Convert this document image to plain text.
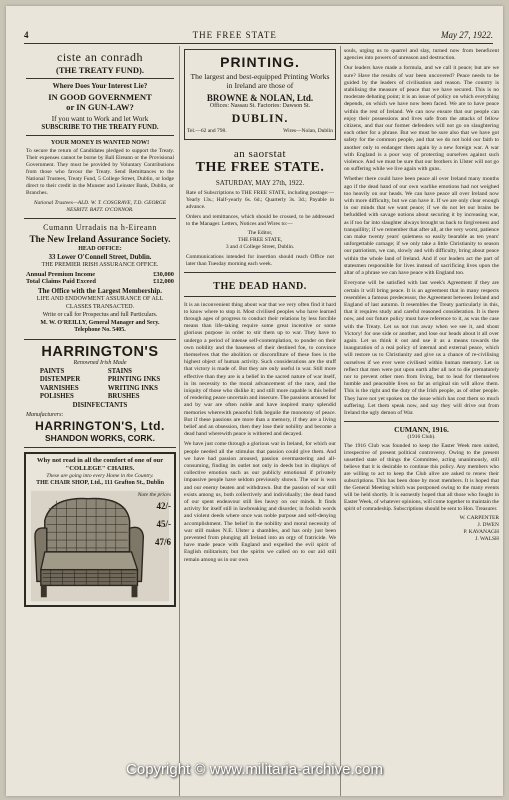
4	THE FREE STATE	May 27, 1922.
ciste an conradh
(THE TREATY FUND).
Where Does Your Interest Lie?
IN GOOD GOVERNMENT
or IN GUN-LAW?
If you want to Work and let Work
SUBSCRIBE TO THE TREATY FUND.
YOUR MONEY IS WANTED NOW!
To secure the return of Candidates pledged to support the Treaty. Their expenses cannot be borne by Ball Eireann or the Provisional Government. They must be provided by Voluntary Contributions from those who favour the Treaty. Send Remittances to the National Trustees, Treaty Fund, 5 College Street, Dublin, or lodge direct to their credit in the Munster and Leinster Bank, Dublin, or Branches.
National Trustees—ALD. W. T. COSGRAVE, T.D. GEORGE NESBITT. BATT. O'CONNOR.
Cumann Urradais na h-Eireann
The New Ireland Assurance Society.
HEAD OFFICE:
33 Lower O'Connell Street, Dublin.
THE PREMIER IRISH ASSURANCE OFFICE.
Annual Premium Income	£30,000
Total Claims Paid Exceed	£12,000
The Office with the Largest Membership.
LIFE AND ENDOWMENT ASSURANCE OF ALL CLASSES TRANSACTED.
Write or call for Prospectus and full Particulars.
M. W. O'REILLY, General Manager and Secy.
Telephone No. 5405.
HARRINGTON'S
Renowned Irish Made
PAINTS
DISTEMPER
VARNISHES
POLISHES
STAINS
PRINTING INKS
WRITING INKS
BRUSHES
DISINFECTANTS
Manufacturers:
HARRINGTON'S, Ltd.
SHANDON WORKS, CORK.
Why not read in all the comfort of one of our "COLLEGE" CHAIRS.
These are going into every Home in the Country.
THE CHAIR SHOP, Ltd., 111 Grafton St., Dublin
Note the prices
42/-
45/-
47/6
PRINTING.
The largest and best-equipped Printing Works in Ireland are those of
BROWNE & NOLAN, Ltd.
Offices: Nassau St. Factories: Dawson St.
DUBLIN.
Tel.—62 and 798.	Wires—Nolan, Dublin
an saorstat
THE FREE STATE.
SATURDAY, MAY 27th, 1922.
Rate of Subscriptions to THE FREE STATE, including postage:—Yearly 13s.; Half-yearly 6s. 6d.; Quarterly 3s. 3d.; Payable in advance.
Orders and remittances, which should be crossed, to be addressed to the Manager. Letters, Notices and Wires to:—
The Editor,
THE FREE STATE,
3 and 4 College Street, Dublin.
Communications intended for insertion should reach Office not later than Tuesday morning each week.
THE DEAD HAND.

It is an inconvenient thing about war that we very often find it hard to know where to stop it. Most civilised peoples who have learned through ages of progress to conduct their relations by less forcible means than life-taking require some great incentive or some glorious purpose in order to stir them up to war. They have to undergo a period of intense self-contemplation, to ponder on their own nobility and the baseness of their destined foe, to convince themselves that the abolition or discomfiture of these foes is the highest object of human activity. Such considerations are the stuff that victory is made of. But they are only useful in war. Still more effective than they are is a belief in the sacred nature of war itself, in its necessity to the moral advancement of the race, and the iniquity of those who dislike it; and still more capable is this belief of rendering peace uncertain and insecure. The passions aroused for and by war are often noble and have inspired many splendid memories wherewith peaceful folk beguile the monotony of peace. But if these passions are more than a memory, if they are a living belief and an obsession, then they lose their nobility and become a dead hand wherewith peace is withered and decayed.

We have just come through a glorious war in Ireland, for which our people needed all the stimulus that passion could give them. And we have had passion aroused, passion overmastering and all-consuming, finding its outlet not only in deeds but in displays of collective emotion such as our publicly emotional if privately impassive people have seldom previously shown. The war is won and our enemy beaten and withdrawn. But the passion of war still exists among us, both collectively and individually; the dead hand of our spent endeavour still lies heavy on our minds. It finds activity for itself still in lawbreaking and disorder, in foolish words and violent deeds where once was noble purpose and self-denying accomplishment. The belief in the nobility and moral necessity of war still makes N.E. Ulster a shambles, and has only just been prevented from plunging all Ireland into an orgy of fratricide. We have made peace with England and expelled the evil spirit of English militarism; but the spirits we called on to our aid still remain among us in our own

souls, urging us to quarrel and slay, turned now from beneficent agencies into powers of unreason and destruction.

Our leaders have made a formula, and we call it peace; but are we sure? Have the results of war been uncovered? Peace needs to be guided by the leaders of civilisation and reason. The country is stabilising the measure of peace that we have secured. This is no moderate debating point; it is an issue of policy on which everything depends, on which we have now been faced. We are to have peace within the rest of Ireland. We can now ensure that our people can enjoy their possessions and lives safe from the attacks of fellow citizens, and that our former defenders will not go on slaughtering each other for a phrase. But we must be sure also that we have got safety for the common people, and that we do not hold our faith to another only to endanger them again by a new foreign war. A war with England is a poor way of protecting ourselves against such violence. And we must be sure that our brothers in Ulster will not go on suffering while we live again with guns.

Whether there could have been peace all over Ireland many months ago if the dead hand of our own warlike emotions had not weighed too heavily on our heads. We can have peace all over Ireland now with more difficulty, but we can have it. If we are only clear enough in our minds that we want peace; if we do not let our brains be befuddled with savage notions about securing it by increasing war, as if too far into slaughter always brought us back to forgiveness and tranquillity; if we remember that after all, at the very worst, patience can make twenty years' quietness so easily bearable as ten years' unforgettable carnage; if we only take a little Christianity to season our patriotism, we can, slowly and with difficulty, bring about peace within the whole land of Ireland. And if our leaders act the part of statesmen responsible for lives instead of sacrificing lives upon the altar of a phrase we can have peace with England too.

Everyone will be satisfied with last week's Agreement if they are certain it will bring peace. It is an agreement that in many respects resembles a famous predecessor, the Agreement between Ireland and England of last autumn. It resembles the Treaty particularly in this, that it requires study and careful reasoned consideration. It is there now, and our future policy must have reference to it, as was the case with the Treaty. Let us not run away when we see it, and shout Victory! for one side or another, and lose our heads about it all over again. Let us think it out and use it as a means towards the inauguration of a real policy of internal and external peace, which will restore us to Christianity and give us a chance of re-civilising ourselves if we ever were civilised within human memory. Let us reflect that men were put upon earth after all not to die prematurely nor to prevent other men from living, but to lead for themselves humble and peaceable lives so far as original sin will allow them. This is the right and the duty of the Irish people, as of other people. They have not yet spoken on the issue which has cost them so much suffering. Let them speak now, and say they will drive out from Ireland the ugly demon of War.

CUMANN, 1916.
(1916 Club).
The 1916 Club was founded to keep the Easter Week men united, irrespective of present political controversy. Owing to the present unsettled state of things the Committee, acting unanimously, still believe that it is desirable to continue this policy. Any members who are willing to act to keep the Club alive are asked to renew their subscriptions. This has been done by most members. It is hoped that the General Meeting which was postponed owing to the many events will be held shortly. It is earnestly hoped that all those who fought in Easter Week, of whatever opinions, will come together to maintain the spirit of comradeship. Subscriptions should be sent to Hon. Treasurer.
W. CARPENTER
J. DWEN
P. KAVANAGH
J. WALSH
Copyright © www.militaria-archive.com
